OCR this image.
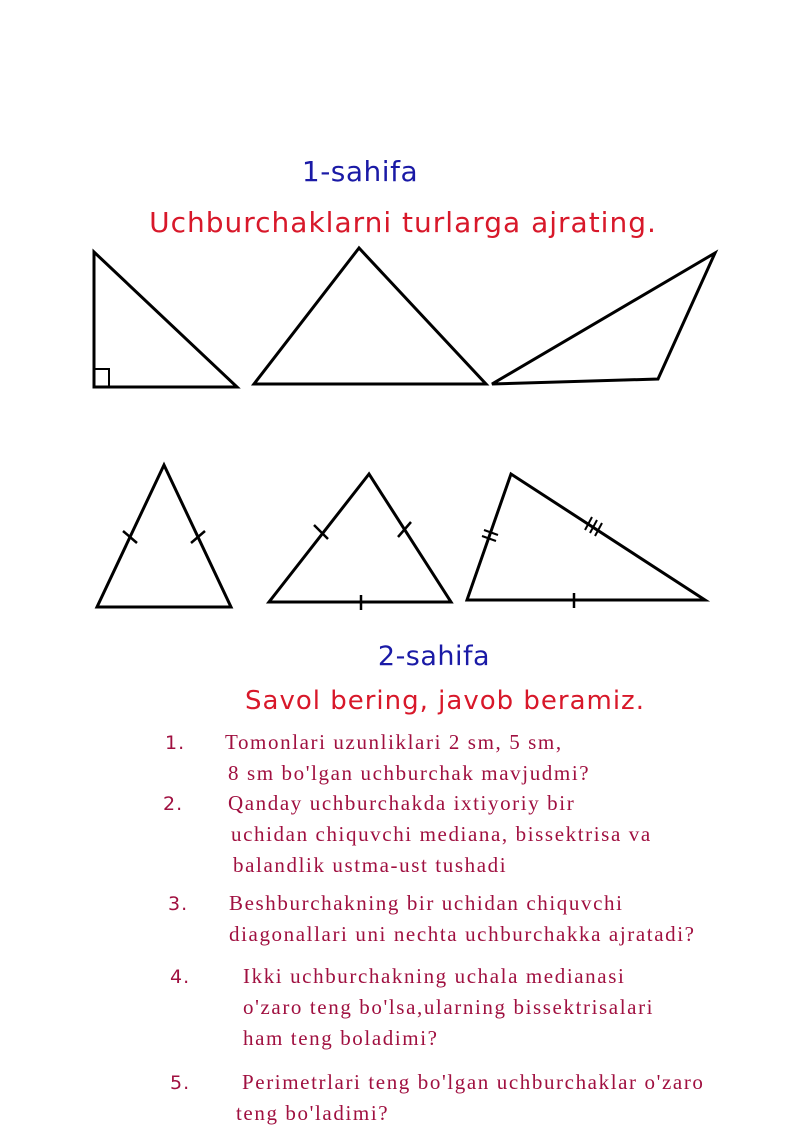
1-sahifa
Uchburchaklarni turlarga ajrating.
2-sahifa
Savol bering, javob beramiz.
1. Tomonlari uzunliklari 2 sm, 5 sm,
8 sm bo'lgan uchburchak mavjudmi?
2. Qanday uchburchakda ixtiyoriy bir
uchidan chiquvchi mediana, bissektrisa va
balandlik ustma-ust tushadi
3. Beshburchakning bir uchidan chiquvchi
diagonallari uni nechta uchburchakka ajratadi?
4.	Ikki uchburchakning uchala medianasi
o'zaro teng bo'lsa,ularning bissektrisalari
ham teng boladimi?
5. Perimetrlari teng bo'lgan uchburchaklar o'zaro
teng bo'ladimi?
